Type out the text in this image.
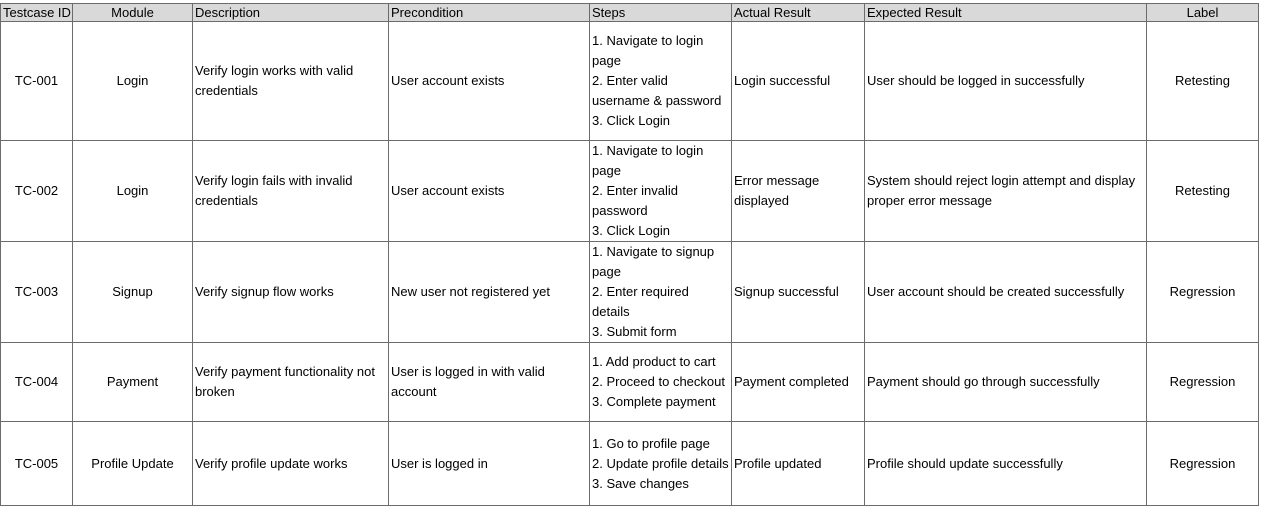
Testcase ID	Module	Description	Precondition	Steps	Actual Result	Expected Result	Label
TC-001	Login	Verify login works with valid credentials	User account exists	1. Navigate to login page
2. Enter valid username & password
3. Click Login	Login successful	User should be logged in successfully	Retesting
TC-002	Login	Verify login fails with invalid credentials	User account exists	1. Navigate to login page
2. Enter invalid password
3. Click Login	Error message displayed	System should reject login attempt and display proper error message	Retesting
TC-003	Signup	Verify signup flow works	New user not registered yet	1. Navigate to signup page
2. Enter required details
3. Submit form	Signup successful	User account should be created successfully	Regression
TC-004	Payment	Verify payment functionality not broken	User is logged in with valid account	1. Add product to cart
2. Proceed to checkout
3. Complete payment	Payment completed	Payment should go through successfully	Regression
TC-005	Profile Update	Verify profile update works	User is logged in	1. Go to profile page
2. Update profile details
3. Save changes	Profile updated	Profile should update successfully	Regression
